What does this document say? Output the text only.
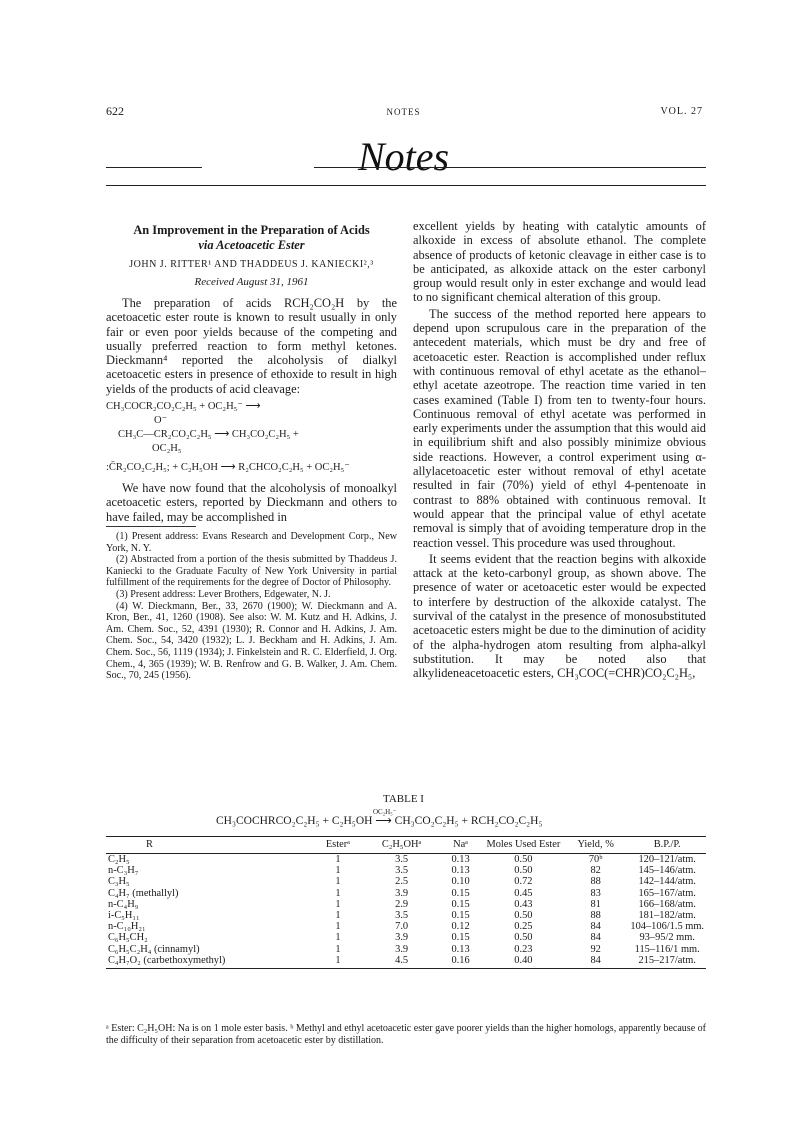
622	NOTES	VOL. 27
Notes
An Improvement in the Preparation of Acids
via Acetoacetic Ester
JOHN J. RITTER¹ AND THADDEUS J. KANIECKI²,³
Received August 31, 1961

The preparation of acids RCH₂CO₂H by the acetoacetic ester route is known to result usually in only fair or even poor yields because of the competing and usually preferred reaction to form methyl ketones. Dieckmann⁴ reported the alcoholysis of dialkyl acetoacetic esters in presence of ethoxide to result in high yields of the products of acid cleavage:

CH₃COCR₂CO₂C₂H₅ + OC₂H₅⁻ ⟶
O⁻
CH₃C—CR₂CO₂C₂H₅ ⟶ CH₃CO₂C₂H₅ +
OC₂H₅
:C̄R₂CO₂C₂H₅; + C₂H₅OH ⟶ R₂CHCO₂C₂H₅ + OC₂H₅⁻

We have now found that the alcoholysis of monoalkyl acetoacetic esters, reported by Dieckmann and others to have failed, may be accomplished in

(1) Present address: Evans Research and Development Corp., New York, N. Y.

(2) Abstracted from a portion of the thesis submitted by Thaddeus J. Kaniecki to the Graduate Faculty of New York University in partial fulfillment of the requirements for the degree of Doctor of Philosophy.

(3) Present address: Lever Brothers, Edgewater, N. J.

(4) W. Dieckmann, Ber., 33, 2670 (1900); W. Dieckmann and A. Kron, Ber., 41, 1260 (1908). See also: W. M. Kutz and H. Adkins, J. Am. Chem. Soc., 52, 4391 (1930); R. Connor and H. Adkins, J. Am. Chem. Soc., 54, 3420 (1932); L. J. Beckham and H. Adkins, J. Am. Chem. Soc., 56, 1119 (1934); J. Finkelstein and R. C. Elderfield, J. Org. Chem., 4, 365 (1939); W. B. Renfrow and G. B. Walker, J. Am. Chem. Soc., 70, 245 (1956).

excellent yields by heating with catalytic amounts of alkoxide in excess of absolute ethanol. The complete absence of products of ketonic cleavage in either case is to be anticipated, as alkoxide attack on the ester carbonyl group would result only in ester exchange and would lead to no significant chemical alteration of this group.

The success of the method reported here appears to depend upon scrupulous care in the preparation of the antecedent materials, which must be dry and free of acetoacetic ester. Reaction is accomplished under reflux with continuous removal of ethyl acetate as the ethanol–ethyl acetate azeotrope. The reaction time varied in ten cases examined (Table I) from ten to twenty-four hours. Continuous removal of ethyl acetate was performed in early experiments under the assumption that this would aid in equilibrium shift and also possibly minimize obvious side reactions. However, a control experiment using α-allylacetoacetic ester without removal of ethyl acetate resulted in fair (70%) yield of ethyl 4-pentenoate in contrast to 88% obtained with continuous removal. It would appear that the principal value of ethyl acetate removal is simply that of avoiding temperature drop in the reaction vessel. This procedure was used throughout.

It seems evident that the reaction begins with alkoxide attack at the keto-carbonyl group, as shown above. The presence of water or acetoacetic ester would be expected to interfere by destruction of the alkoxide catalyst. The survival of the catalyst in the presence of monosubstituted acetoacetic esters might be due to the diminution of acidity of the alpha-hydrogen atom resulting from alpha-alkyl substitution. It may be noted also that alkylideneacetoacetic esters, CH₃COC(=CHR)CO₂C₂H₅,

TABLE I
OC₂H₅⁻
CH₃COCHRCO₂C₂H₅ + C₂H₅OH ⟶ CH₃CO₂C₂H₅ + RCH₂CO₂C₂H₅
R	Esterᵃ	C₂H₅OHᵃ	Naᵃ	Moles Used Ester	Yield, %	B.P./P.
C₂H₅	1	3.5	0.13	0.50	70ᵇ	120–121/atm.
n-C₃H₇	1	3.5	0.13	0.50	82	145–146/atm.
C₃H₅	1	2.5	0.10	0.72	88	142–144/atm.
C₄H₇ (methallyl)	1	3.9	0.15	0.45	83	165–167/atm.
n-C₄H₉	1	2.9	0.15	0.43	81	166–168/atm.
i-C₅H₁₁	1	3.5	0.15	0.50	88	181–182/atm.
n-C₁₀H₂₁	1	7.0	0.12	0.25	84	104–106/1.5 mm.
C₆H₅CH₂	1	3.9	0.15	0.50	84	93–95/2 mm.
C₆H₅C₂H₄ (cinnamyl)	1	3.9	0.13	0.23	92	115–116/1 mm.
C₄H₇O₂ (carbethoxymethyl)	1	4.5	0.16	0.40	84	215–217/atm.
ᵃ Ester: C₂H₅OH: Na is on 1 mole ester basis. ᵇ Methyl and ethyl acetoacetic ester gave poorer yields than the higher homologs, apparently because of the difficulty of their separation from acetoacetic ester by distillation.
